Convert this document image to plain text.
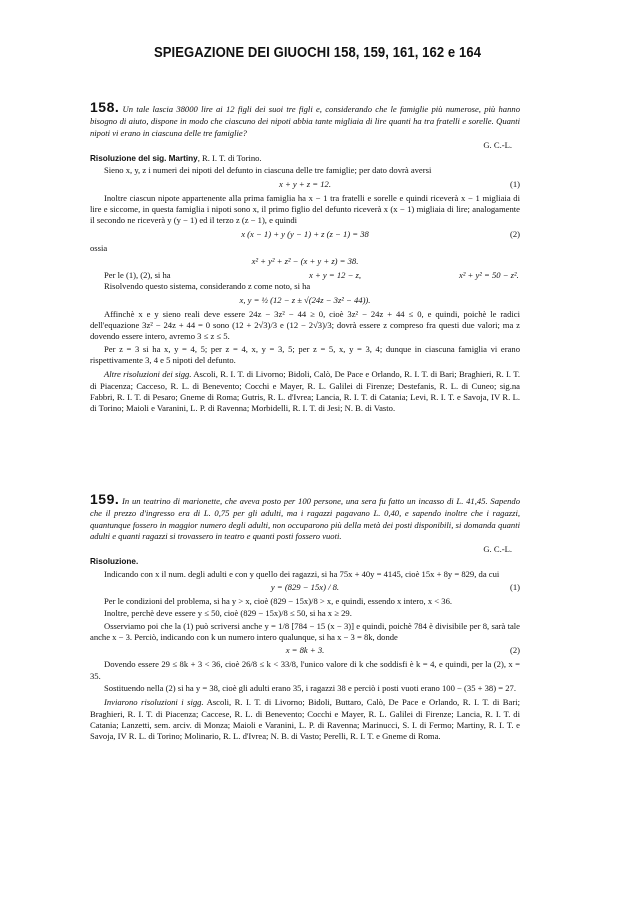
SPIEGAZIONE DEI GIUOCHI 158, 159, 161, 162 e 164

158. Un tale lascia 38000 lire ai 12 figli dei suoi tre figli e, considerando che le famiglie più numerose, più hanno bisogno di aiuto, dispone in modo che ciascuno dei nipoti abbia tante migliaia di lire quanti ha tra fratelli e sorelle. Quanti nipoti vi erano in ciascuna delle tre famiglie?

G. C.-L.

Risoluzione del sig. Martiny, R. I. T. di Torino.

Sieno x, y, z i numeri dei nipoti del defunto in ciascuna delle tre famiglie; per dato dovrà aversi

x + y + z = 12.	(1)

Inoltre ciascun nipote appartenente alla prima famiglia ha x − 1 tra fratelli e sorelle e quindi riceverà x − 1 migliaia di lire e siccome, in questa famiglia i nipoti sono x, il primo figlio del defunto riceverà x (x − 1) migliaia di lire; analogamente il secondo ne riceverà y (y − 1) ed il terzo z (z − 1), e quindi

x (x − 1) + y (y − 1) + z (z − 1) = 38	(2)

ossia

x² + y² + z² − (x + y + z) = 38.
Per le (1), (2), si ha	x + y = 12 − z,	x² + y² = 50 − z².

Risolvendo questo sistema, considerando z come noto, si ha

x, y = ½ (12 − z ± √(24z − 3z² − 44)).

Affinchè x e y sieno reali deve essere 24z − 3z² − 44 ≥ 0, cioè 3z² − 24z + 44 ≤ 0, e quindi, poichè le radici dell'equazione 3z² − 24z + 44 = 0 sono (12 + 2√3)/3 e (12 − 2√3)/3; dovrà essere z compreso fra questi due valori; ma z dovendo essere intero, avremo 3 ≤ z ≤ 5.

Per z = 3 si ha x, y = 4, 5; per z = 4, x, y = 3, 5; per z = 5, x, y = 3, 4; dunque in ciascuna famiglia vi erano rispettivamente 3, 4 e 5 nipoti del defunto.

Altre risoluzioni dei sigg. Ascoli, R. I. T. di Livorno; Bidoli, Calò, De Pace e Orlando, R. I. T. di Bari; Braghieri, R. I. T. di Piacenza; Cacceso, R. L. di Benevento; Cocchi e Mayer, R. L. Galilei di Firenze; Destefanis, R. L. di Cuneo; sig.na Fabbri, R. I. T. di Pesaro; Gneme di Roma; Gutris, R. L. d'Ivrea; Lancia, R. I. T. di Catania; Levi, R. I. T. e Savoja, IV R. L. di Torino; Maioli e Varanini, L. P. di Ravenna; Morbidelli, R. I. T. di Jesi; N. B. di Vasto.

159. In un teatrino di marionette, che aveva posto per 100 persone, una sera fu fatto un incasso di L. 41,45. Sapendo che il prezzo d'ingresso era di L. 0,75 per gli adulti, ma i ragazzi pagavano L. 0,40, e sapendo inoltre che i ragazzi, quantunque fossero in maggior numero degli adulti, non occuparono più della metà dei posti disponibili, si domanda quanti adulti e quanti ragazzi si trovassero in teatro e quanti posti fossero vuoti.

G. C.-L.

Risoluzione.

Indicando con x il num. degli adulti e con y quello dei ragazzi, si ha 75x + 40y = 4145, cioè 15x + 8y = 829, da cui

y = (829 − 15x) / 8.	(1)

Per le condizioni del problema, si ha y > x, cioè (829 − 15x)/8 > x, e quindi, essendo x intero, x < 36.

Inoltre, perchè deve essere y ≤ 50, cioè (829 − 15x)/8 ≤ 50, si ha x ≥ 29.

Osserviamo poi che la (1) può scriversi anche y = 1/8 [784 − 15 (x − 3)] e quindi, poichè 784 è divisibile per 8, sarà tale anche x − 3. Perciò, indicando con k un numero intero qualunque, si ha x − 3 = 8k, donde

x = 8k + 3.	(2)

Dovendo essere 29 ≤ 8k + 3 < 36, cioè 26/8 ≤ k < 33/8, l'unico valore di k che soddisfi è k = 4, e quindi, per la (2), x = 35.

Sostituendo nella (2) si ha y = 38, cioè gli adulti erano 35, i ragazzi 38 e perciò i posti vuoti erano 100 − (35 + 38) = 27.

Inviarono risoluzioni i sigg. Ascoli, R. I. T. di Livorno; Bidoli, Buttaro, Calò, De Pace e Orlando, R. I. T. di Bari; Braghieri, R. I. T. di Piacenza; Caccese, R. L. di Benevento; Cocchi e Mayer, R. L. Galilei di Firenze; Lancia, R. I. T. di Catania; Lanzetti, sem. arciv. di Monza; Maioli e Varanini, L. P. di Ravenna; Marinucci, S. I. di Fermo; Martiny, R. I. T. e Savoja, IV R. L. di Torino; Molinario, R. L. d'Ivrea; N. B. di Vasto; Perelli, R. I. T. e Gneme di Roma.
